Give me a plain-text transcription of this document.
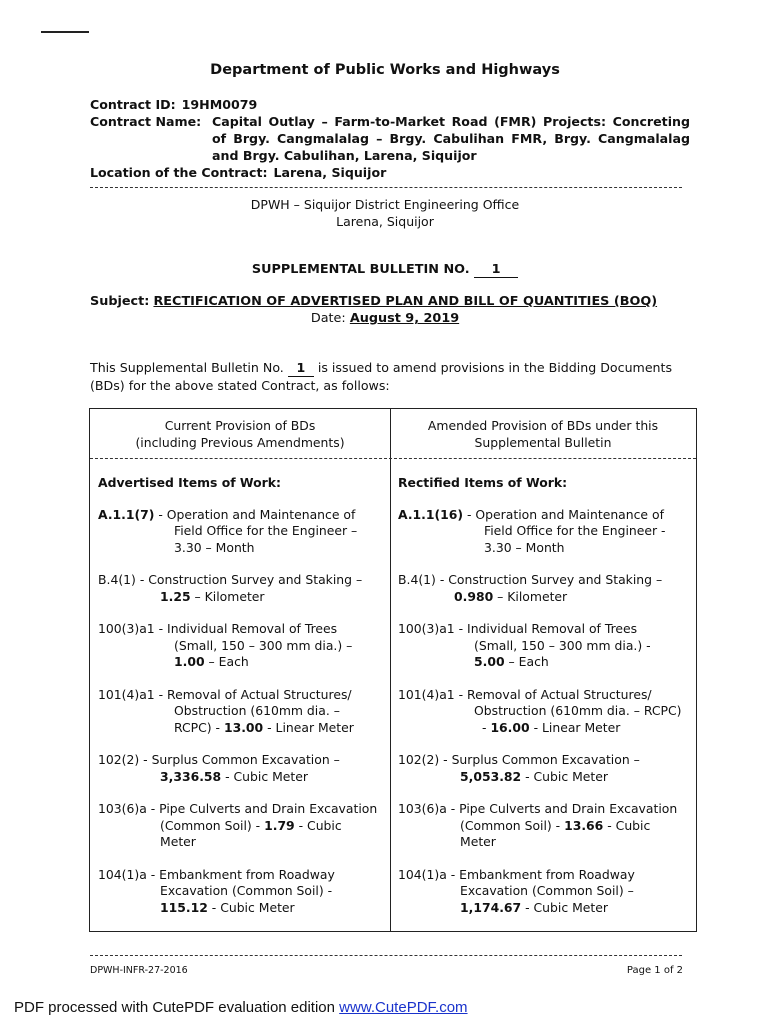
Department of Public Works and Highways
Contract ID: 19HM0079
Contract Name: Capital Outlay – Farm-to-Market Road (FMR) Projects: Concreting of Brgy. Cangmalalag – Brgy. Cabulihan FMR, Brgy. Cangmalalag and Brgy. Cabulihan, Larena, Siquijor
Location of the Contract: Larena, Siquijor
DPWH – Siquijor District Engineering Office
Larena, Siquijor
SUPPLEMENTAL BULLETIN NO. 1
Subject: RECTIFICATION OF ADVERTISED PLAN AND BILL OF QUANTITIES (BOQ)
Date: August 9, 2019
This Supplemental Bulletin No. 1 is issued to amend provisions in the Bidding Documents (BDs) for the above stated Contract, as follows:
Current Provision of BDs
(including Previous Amendments)
Amended Provision of BDs under this
Supplemental Bulletin
Advertised Items of Work:
A.1.1(7) - Operation and Maintenance of
Field Office for the Engineer –
3.30 – Month
B.4(1) - Construction Survey and Staking –
1.25 – Kilometer
100(3)a1 - Individual Removal of Trees
(Small, 150 – 300 mm dia.) –
1.00 – Each
101(4)a1 - Removal of Actual Structures/
Obstruction (610mm dia. –
RCPC) - 13.00 - Linear Meter
102(2) - Surplus Common Excavation –
3,336.58 - Cubic Meter
103(6)a - Pipe Culverts and Drain Excavation
(Common Soil) - 1.79 - Cubic
Meter
104(1)a - Embankment from Roadway
Excavation (Common Soil) -
115.12 - Cubic Meter
Rectified Items of Work:
A.1.1(16) - Operation and Maintenance of
Field Office for the Engineer -
3.30 – Month
B.4(1) - Construction Survey and Staking –
0.980 – Kilometer
100(3)a1 - Individual Removal of Trees
(Small, 150 – 300 mm dia.) -
5.00 – Each
101(4)a1 - Removal of Actual Structures/
Obstruction (610mm dia. – RCPC)
- 16.00 - Linear Meter
102(2) - Surplus Common Excavation –
5,053.82 - Cubic Meter
103(6)a - Pipe Culverts and Drain Excavation
(Common Soil) - 13.66 - Cubic
Meter
104(1)a - Embankment from Roadway
Excavation (Common Soil) –
1,174.67 - Cubic Meter
DPWH-INFR-27-2016	Page 1 of 2
PDF processed with CutePDF evaluation edition www.CutePDF.com
